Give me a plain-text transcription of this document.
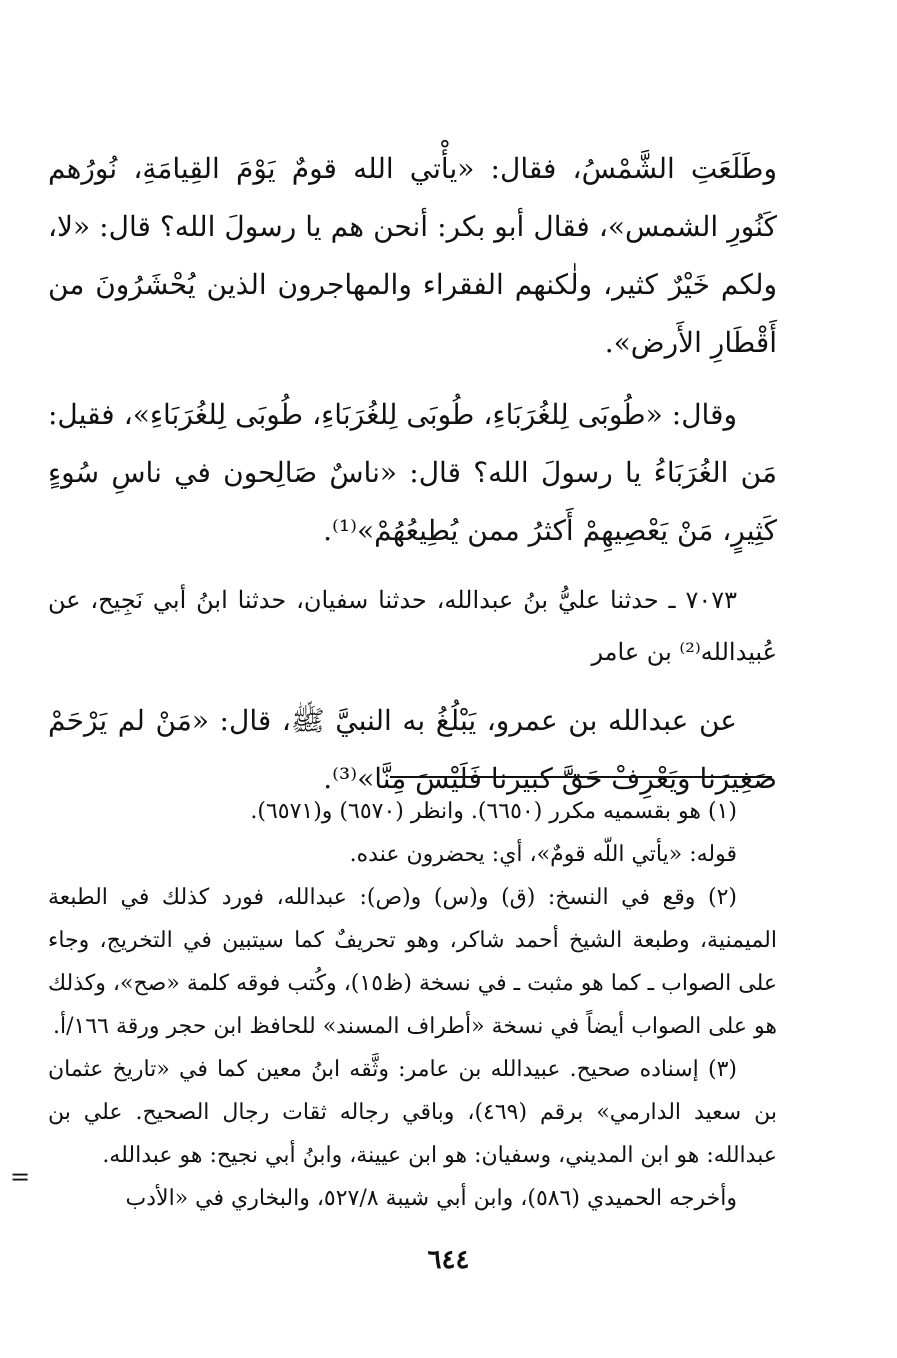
وطَلَعَتِ الشَّمْسُ، فقال: «يأْتي الله قومٌ يَوْمَ القِيامَةِ، نُورُهم كَنُورِ الشمس»، فقال أبو بكر: أنحن هم يا رسولَ الله؟ قال: «لا، ولكم خَيْرٌ كثير، ولٰكنهم الفقراء والمهاجرون الذين يُحْشَرُونَ من أَقْطَارِ الأَرض».

وقال: «طُوبَى لِلغُرَبَاءِ، طُوبَى لِلغُرَبَاءِ، طُوبَى لِلغُرَبَاءِ»، فقيل: مَن الغُرَبَاءُ يا رسولَ الله؟ قال: «ناسٌ صَالِحون في ناسِ سُوءٍ كَثِيرٍ، مَنْ يَعْصِيهِمْ أَكثرُ ممن يُطِيعُهُمْ»⁽¹⁾.

٧٠٧٣ ـ حدثنا عليُّ بنُ عبدالله، حدثنا سفيان، حدثنا ابنُ أبي نَجِيح، عن عُبيدالله⁽²⁾ بن عامر

عن عبدالله بن عمرو، يَبْلُغُ به النبيَّ ﷺ، قال: «مَنْ لم يَرْحَمْ صَغِيرَنا ويَعْرِفْ حَقَّ كبيرنا فَلَيْسَ مِنَّا»⁽³⁾.

(١) هو بقسميه مكرر (٦٦٥٠). وانظر (٦٥٧٠) و(٦٥٧١).

قوله: «يأتي اللّه قومٌ»، أي: يحضرون عنده.

(٢) وقع في النسخ: (ق) و(س) و(ص): عبدالله، فورد كذلك في الطبعة الميمنية، وطبعة الشيخ أحمد شاكر، وهو تحريفٌ كما سيتبين في التخريج، وجاء على الصواب ـ كما هو مثبت ـ في نسخة (ظ١٥)، وكُتب فوقه كلمة «صح»، وكذلك هو على الصواب أيضاً في نسخة «أطراف المسند» للحافظ ابن حجر ورقة ١٦٦/أ.

(٣) إسناده صحيح. عبيدالله بن عامر: وثَّقه ابنُ معين كما في «تاريخ عثمان بن سعيد الدارمي» برقم (٤٦٩)، وباقي رجاله ثقات رجال الصحيح. علي بن عبدالله: هو ابن المديني، وسفيان: هو ابن عيينة، وابنُ أبي نجيح: هو عبدالله.

وأخرجه الحميدي (٥٨٦)، وابن أبي شيبة ٥٢٧/٨، والبخاري في «الأدب

=
٦٤٤
